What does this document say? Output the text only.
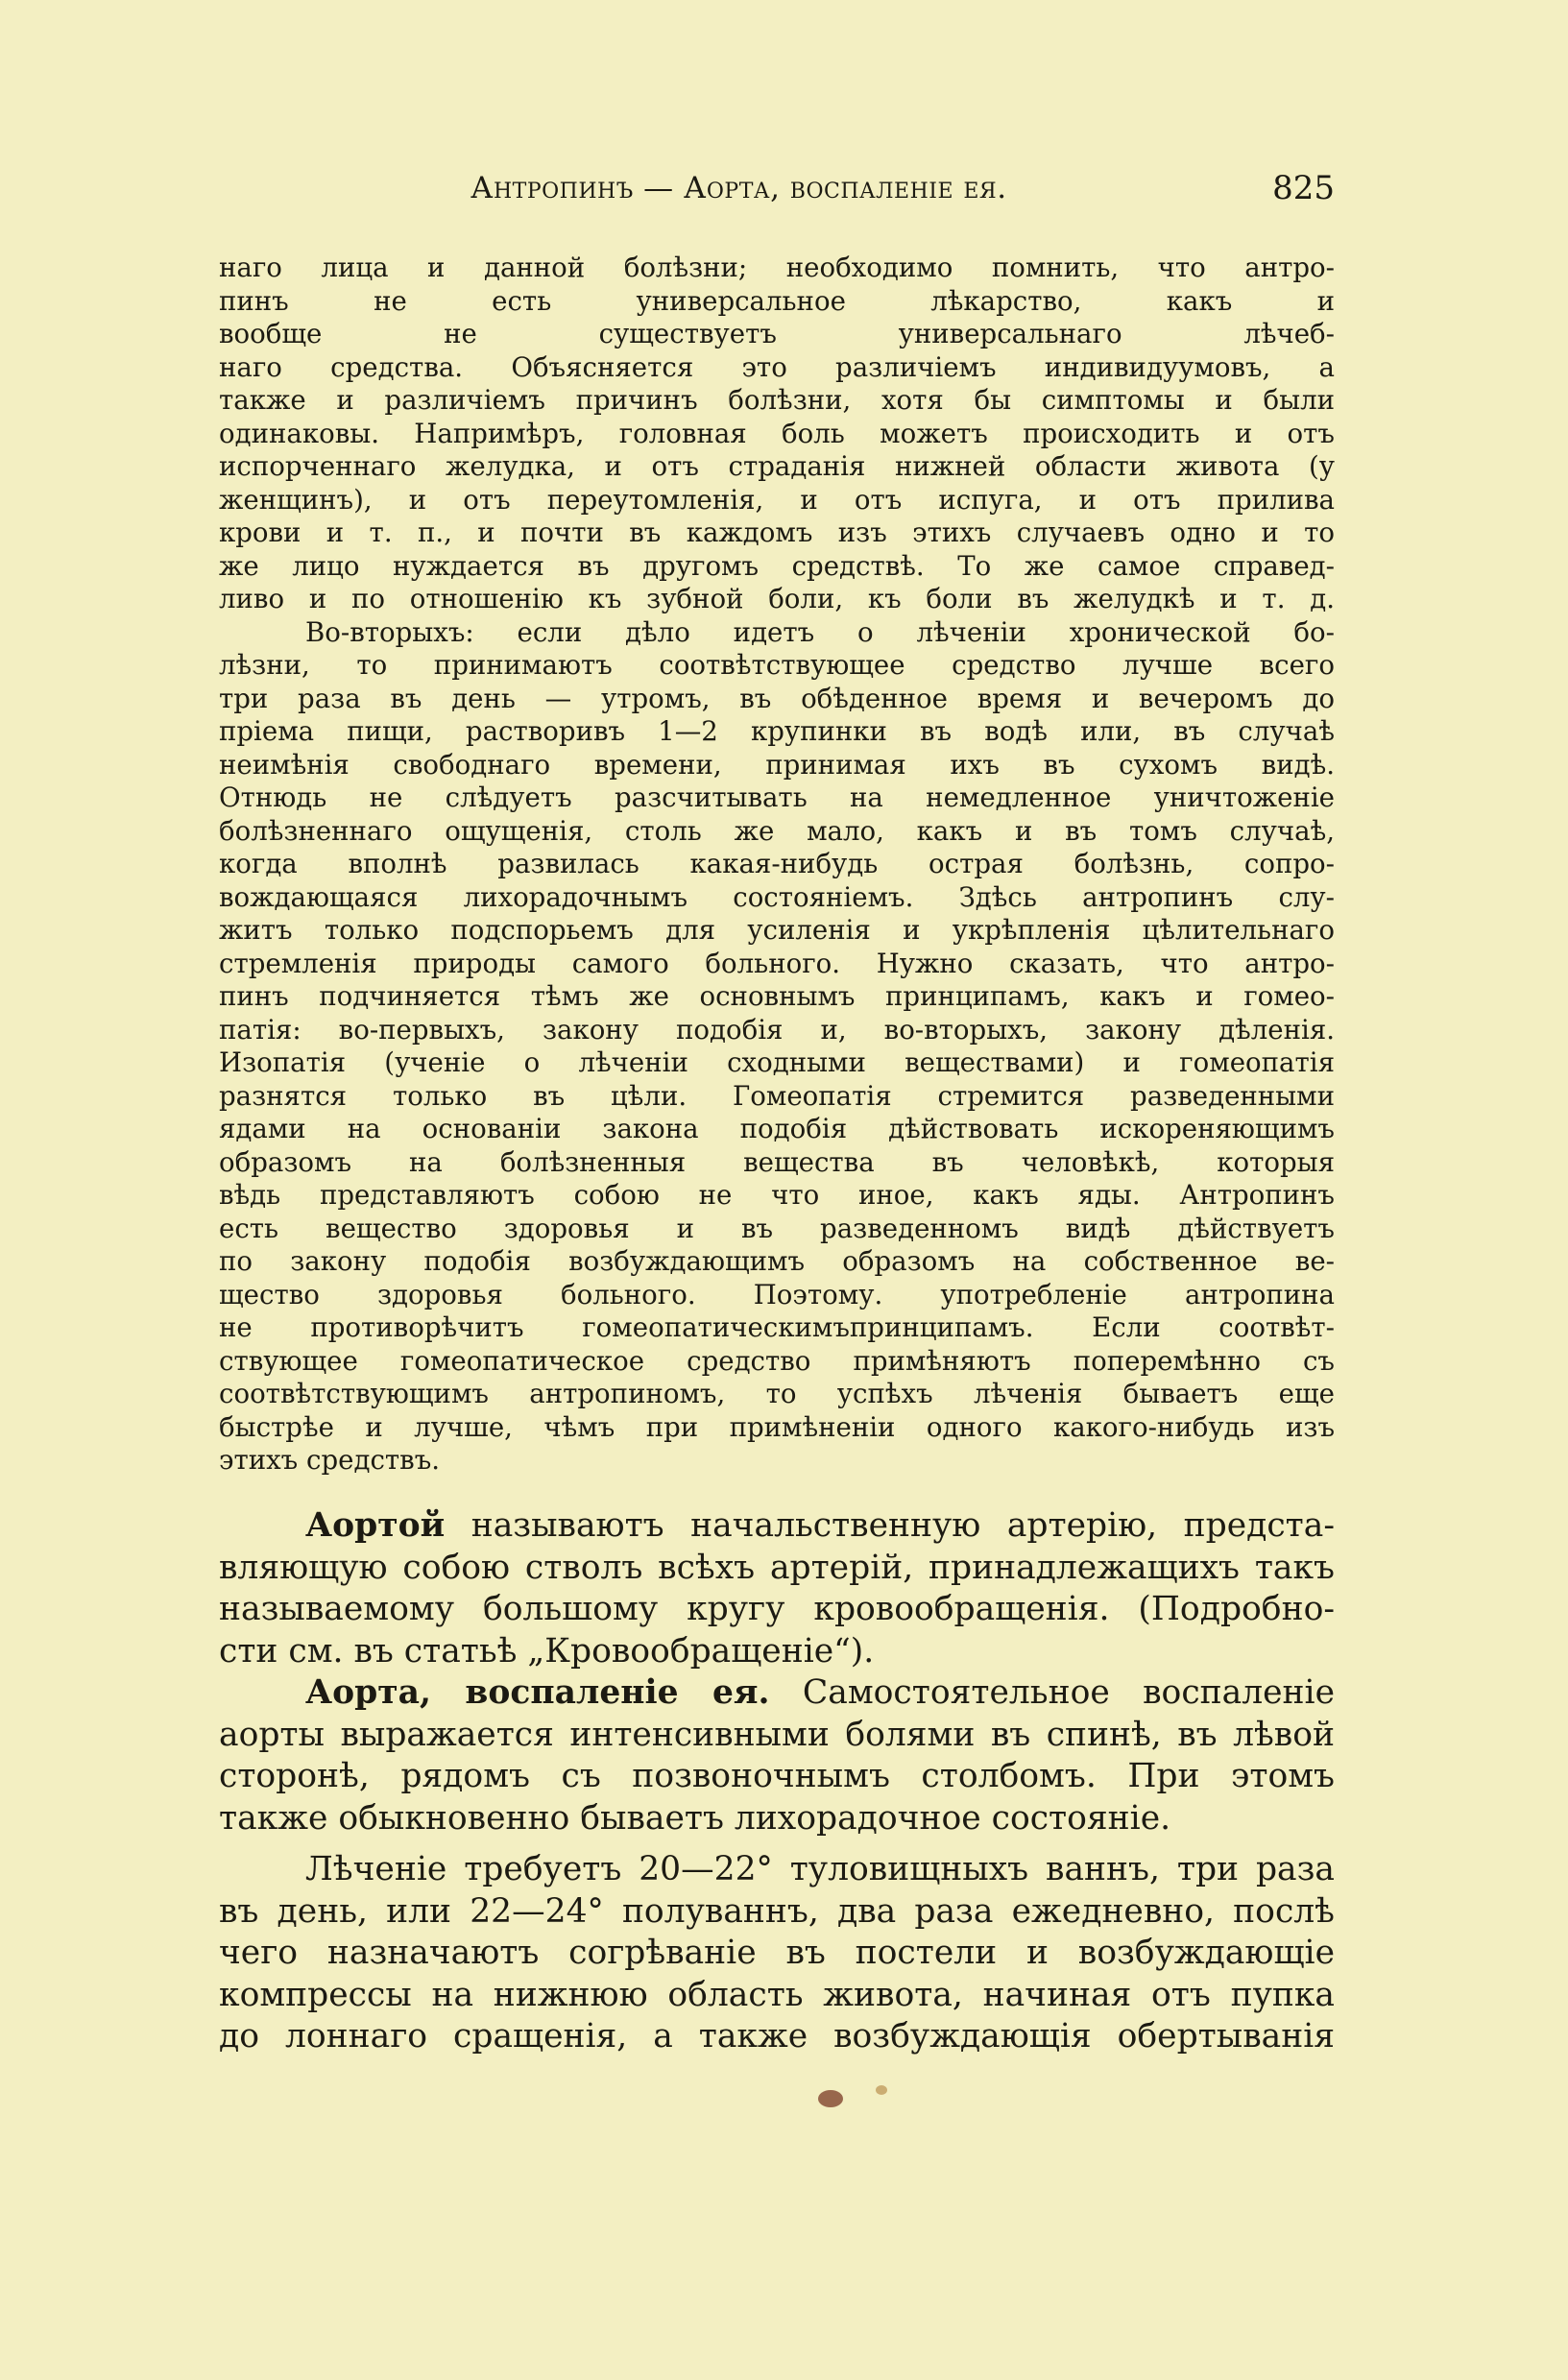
Антропинъ — Аорта, воспаленіе ея.	825

наго лица и данной болѣзни; необходимо помнить, что антро-

пинъ не есть универсальное лѣкарство, какъ и

вообще не существуетъ универсальнаго лѣчеб-

наго средства. Объясняется это различіемъ индивидуумовъ, а

также и различіемъ причинъ болѣзни, хотя бы симптомы и были

одинаковы. Напримѣръ, головная боль можетъ происходить и отъ

испорченнаго желудка, и отъ страданія нижней области живота (у

женщинъ), и отъ переутомленія, и отъ испуга, и отъ прилива

крови и т. п., и почти въ каждомъ изъ этихъ случаевъ одно и то

же лицо нуждается въ другомъ средствѣ. То же самое справед-

ливо и по отношенію къ зубной боли, къ боли въ желудкѣ и т. д.

Во-вторыхъ: если дѣло идетъ о лѣченіи хронической бо-

лѣзни, то принимаютъ соотвѣтствующее средство лучше всего

три раза въ день — утромъ, въ обѣденное время и вечеромъ до

пріема пищи, растворивъ 1—2 крупинки въ водѣ или, въ случаѣ

неимѣнія свободнаго времени, принимая ихъ въ сухомъ видѣ.

Отнюдь не слѣдуетъ разсчитывать на немедленное уничтоженіе

болѣзненнаго ощущенія, столь же мало, какъ и въ томъ случаѣ,

когда вполнѣ развилась какая-нибудь острая болѣзнь, сопро-

вождающаяся лихорадочнымъ состояніемъ. Здѣсь антропинъ слу-

житъ только подспорьемъ для усиленія и укрѣпленія цѣлительнаго

стремленія природы самого больного. Нужно сказать, что антро-

пинъ подчиняется тѣмъ же основнымъ принципамъ, какъ и гомео-

патія: во-первыхъ, закону подобія и, во-вторыхъ, закону дѣленія.

Изопатія (ученіе о лѣченіи сходными веществами) и гомеопатія

разнятся только въ цѣли. Гомеопатія стремится разведенными

ядами на основаніи закона подобія дѣйствовать искореняющимъ

образомъ на болѣзненныя вещества въ человѣкѣ, которыя

вѣдь представляютъ собою не что иное, какъ яды. Антропинъ

есть вещество здоровья и въ разведенномъ видѣ дѣйствуетъ

по закону подобія возбуждающимъ образомъ на собственное ве-

щество здоровья больного. Поэтому. употребленіе антропина

не противорѣчитъ гомеопатическимъпринципамъ. Если соотвѣт-

ствующее гомеопатическое средство примѣняютъ поперемѣнно съ

соотвѣтствующимъ антропиномъ, то успѣхъ лѣченія бываетъ еще

быстрѣе и лучше, чѣмъ при примѣненіи одного какого-нибудь изъ

этихъ средствъ.

Аортой называютъ начальственную артерію, предста-

вляющую собою стволъ всѣхъ артерій, принадлежащихъ такъ

называемому большому кругу кровообращенія. (Подробно-

сти см. въ статьѣ „Кровообращеніе“).

Аорта, воспаленіе ея. Самостоятельное воспаленіе

аорты выражается интенсивными болями въ спинѣ, въ лѣвой

сторонѣ, рядомъ съ позвоночнымъ столбомъ. При этомъ

также обыкновенно бываетъ лихорадочное состояніе.

Лѣченіе требуетъ 20—22° туловищныхъ ваннъ, три раза

въ день, или 22—24° полуваннъ, два раза ежедневно, послѣ

чего назначаютъ согрѣваніе въ постели и возбуждающіе

компрессы на нижнюю область живота, начиная отъ пупка

до лоннаго сращенія, а также возбуждающія обертыванія
